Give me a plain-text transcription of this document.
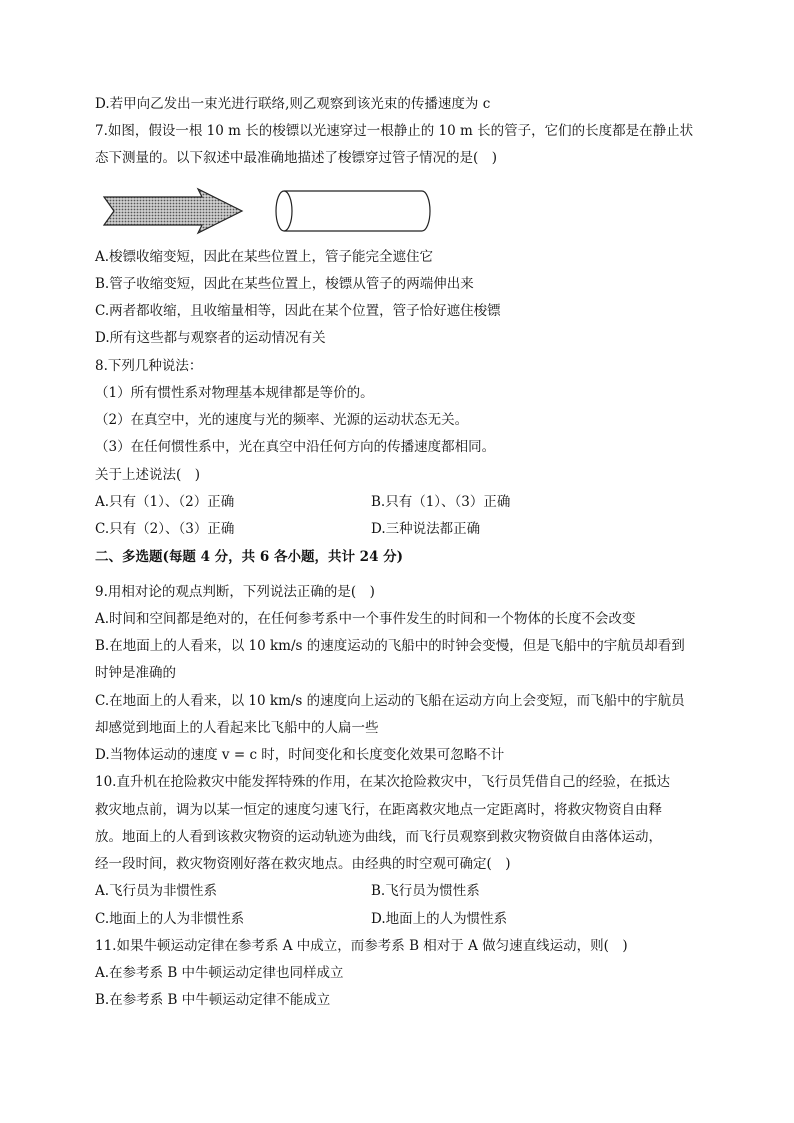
D.若甲向乙发出一束光进行联络,则乙观察到该光束的传播速度为 c
7.如图，假设一根 10 m 长的梭镖以光速穿过一根静止的 10 m 长的管子，它们的长度都是在静止状
态下测量的。以下叙述中最准确地描述了梭镖穿过管子情况的是(　)
A.梭镖收缩变短，因此在某些位置上，管子能完全遮住它
B.管子收缩变短，因此在某些位置上，梭镖从管子的两端伸出来
C.两者都收缩，且收缩量相等，因此在某个位置，管子恰好遮住梭镖
D.所有这些都与观察者的运动情况有关
8.下列几种说法：
（1）所有惯性系对物理基本规律都是等价的。
（2）在真空中，光的速度与光的频率、光源的运动状态无关。
（3）在任何惯性系中，光在真空中沿任何方向的传播速度都相同。
关于上述说法(　)
A.只有（1）、（2）正确	B.只有（1）、（3）正确
C.只有（2）、（3）正确	D.三种说法都正确
二、多选题(每题 4 分，共 6 各小题，共计 24 分)
9.用相对论的观点判断，下列说法正确的是(　)
A.时间和空间都是绝对的，在任何参考系中一个事件发生的时间和一个物体的长度不会改变
B.在地面上的人看来，以 10 km/s 的速度运动的飞船中的时钟会变慢，但是飞船中的宇航员却看到
时钟是准确的
C.在地面上的人看来，以 10 km/s 的速度向上运动的飞船在运动方向上会变短，而飞船中的宇航员
却感觉到地面上的人看起来比飞船中的人扁一些
D.当物体运动的速度 v = c 时，时间变化和长度变化效果可忽略不计
10.直升机在抢险救灾中能发挥特殊的作用，在某次抢险救灾中，飞行员凭借自己的经验，在抵达
救灾地点前，调为以某一恒定的速度匀速飞行，在距离救灾地点一定距离时，将救灾物资自由释
放。地面上的人看到该救灾物资的运动轨迹为曲线，而飞行员观察到救灾物资做自由落体运动，
经一段时间，救灾物资刚好落在救灾地点。由经典的时空观可确定(　)
A.飞行员为非惯性系	B.飞行员为惯性系
C.地面上的人为非惯性系	D.地面上的人为惯性系
11.如果牛顿运动定律在参考系 A 中成立，而参考系 B 相对于 A 做匀速直线运动，则(　)
A.在参考系 B 中牛顿运动定律也同样成立
B.在参考系 B 中牛顿运动定律不能成立
